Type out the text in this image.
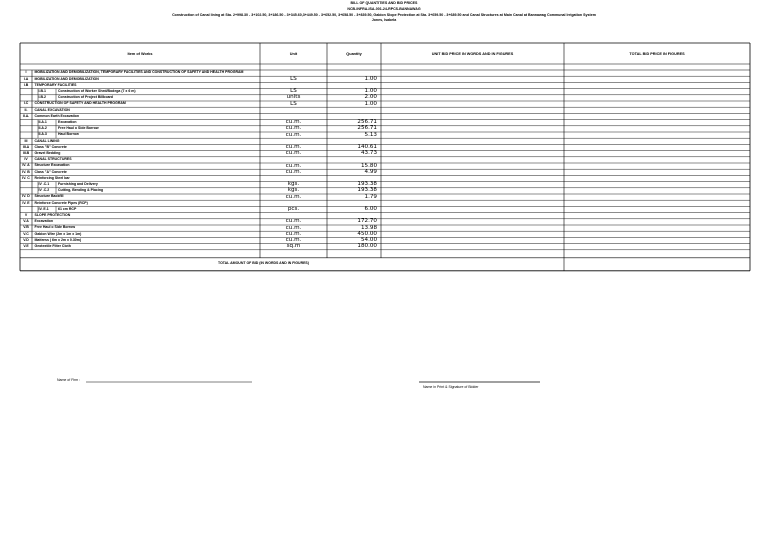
BILL OF QUANTITIES AND BID PRICES
NCB-INFRA-ISA-001-24-RPCS-BANNAWAG
Construction of Canal lining at Sta. 2+998.30 - 3+102.50, 3+186.50 - 3+345.60,3+449.50 - 3+652.50, 3+658.50 - 3+839.50, Gabion Slope Protection at Sta. 3+659.50 - 3+689.50 and Canal Structures at Main Canal at Bannawag Communal Irrigation System
Jones, Isabela
Item of Works	Unit	Quantity	UNIT BID PRICE IN WORDS AND IN FIGURES	TOTAL BID PRICE IN FIGURES
I	MOBILIZATION AND DEMOBILIZATION, TEMPORARY FACILITIES AND CONSTRUCTION OF SAFETY AND HEALTH PROGRAM
I.A	MOBILIZATION AND DEMOBILIZATION	LS	1.00
I.B	TEMPORARY FACILITIES
I.B.1	Construction of Worker Shed/Bodega (7 x 6 m)	LS	1.00
I.B.2	Construction of Project Billboard	units	2.00
I.C	CONSTRUCTION OF SAFETY AND HEALTH PROGRAM	LS	1.00
II.	CANAL EXCAVATION
II.A.	Common Earth Excavation
II.A.1	Excavation	cu.m.	256.71
II.A.2	Free Haul o Side Borrow	cu.m.	256.71
II.A.3	Haul Borrow	cu.m.	5.13
III	CANAL LINING
III.A	Class "B" Concrete	cu.m.	140.61
III.B	Gravel Bedding	cu.m.	43.73
IV	CANAL STRUCTURES
IV. A	Structure Excavation	cu.m.	15.80
IV. B	Class "A" Concrete	cu.m.	4.99
IV. C	Reinforcing Steel bar
IV .C.1	Furnishing and Delivery	kgs.	193.38
IV .C.2	Cutting, Bending & Placing	kgs.	193.38
IV. D	Structure Backfill	cu.m.	1.79
IV. E	Reinforce Concrete Pipes (RCP)
IV. E.1	61 cm RCP	pcs.	6.00
V	SLOPE PROTECTION
V.A	Excavation	cu.m.	172.70
V.B	Free Haul o Side Borrow	cu.m.	13.98
V.C	Gabion Wire (2m x 1m x 1m)	cu.m.	450.00
V.D	Mattress ( 6m x 2m x 0.30m)	cu.m.	54.00
V.E	Geotextile Filter Cloth	sq.m	180.00
TOTAL AMOUNT OF BID (IN WORDS AND IN FIGURES)
Name of Firm :
Name in Print & Signature of Bidder
